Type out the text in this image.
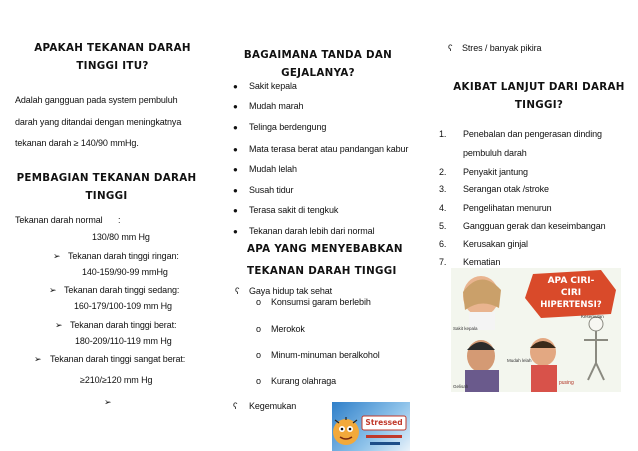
APAKAH TEKANAN DARAH TINGGI ITU?
Adalah gangguan pada system pembuluh
darah yang ditandai dengan meningkatnya
tekanan darah ≥ 140/90 mmHg.
PEMBAGIAN TEKANAN DARAH TINGGI
Tekanan darah normal :
130/80 mm Hg
➢ Tekanan darah tinggi ringan:
140-159/90-99 mmHg
➢ Tekanan darah tinggi sedang:
160-179/100-109 mm Hg
➢ Tekanan darah tinggi berat:
180-209/110-119 mm Hg
➢ Tekanan darah tinggi sangat berat:
≥210/≥120 mm Hg
➢
BAGAIMANA TANDA DAN GEJALANYA?
● Sakit kepala
● Mudah marah
● Telinga berdengung
● Mata terasa berat atau pandangan kabur
● Mudah lelah
● Susah tidur
● Terasa sakit di tengkuk
● Tekanan darah lebih dari normal
APA YANG MENYEBABKAN
TEKANAN DARAH TINGGI
ʕ Gaya hidup tak sehat
o Konsumsi garam berlebih
o Merokok
o Minum-minuman beralkohol
o Kurang olahraga
ʕ Kegemukan
Stressed
ʕ Stres / banyak pikira
AKIBAT LANJUT DARI DARAH TINGGI?
1. Penebalan dan pengerasan dinding
pembuluh darah
2. Penyakit jantung
3. Serangan otak /stroke
4. Pengelihatan menurun
5. Gangguan gerak dan keseimbangan
6. Kerusakan ginjal
7. Kematian
APA CIRI-
CIRI
HIPERTENSI?
Sakit kepala
Kesemutan
pusing
Mudah lelah
Gelisah
